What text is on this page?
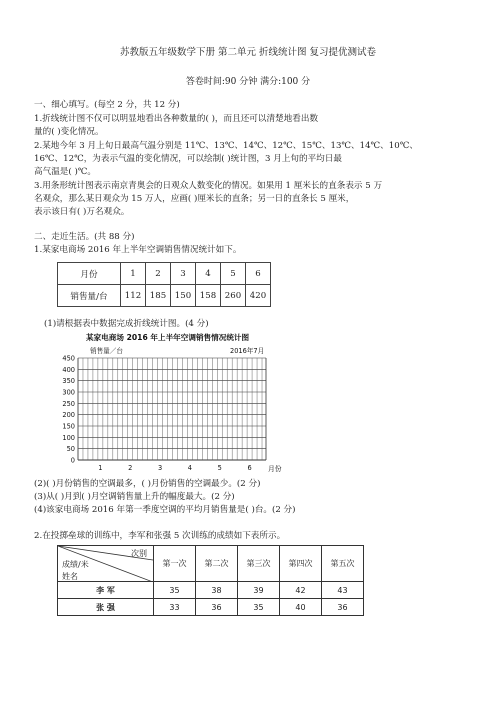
苏教版五年级数学下册 第二单元 折线统计图 复习提优测试卷
答卷时间:90 分钟 满分:100 分
一、细心填写。(每空 2 分，共 12 分)
1.折线统计图不仅可以明显地看出各种数量的( )，而且还可以清楚地看出数
量的( )变化情况。
2.某地今年 3 月上旬日最高气温分别是 11℃、13℃、14℃、12℃、15℃、13℃、14℃、10℃、
16℃、12℃，为表示气温的变化情况，可以绘制( )统计图，3 月上旬的平均日最
高气温是( )℃。
3.用条形统计图表示南京青奥会的日观众人数变化的情况。如果用 1 厘米长的直条表示 5 万
名观众，那么某日观众为 15 万人，应画( )厘米长的直条；另一日的直条长 5 厘米，
表示该日有( )万名观众。
二、走近生活。(共 88 分)
1.某家电商场 2016 年上半年空调销售情况统计如下。
月份	1	2	3	4	5	6
销售量/台	112	185	150	158	260	420
(1)请根据表中数据完成折线统计图。(4 分)
某家电商场 2016 年上半年空调销售情况统计图
销售量／台	2016年7月
450
400
350
300
250
200
150
100
50
0
1	2	3	4	5	6 月份
(2)( )月份销售的空调最多，( )月份销售的空调最少。(2 分)
(3)从( )月到( )月空调销售量上升的幅度最大。(2 分)
(4)该家电商场 2016 年第一季度空调的平均月销售量是( )台。(2 分)
2.在投掷垒球的训练中，李军和张强 5 次训练的成绩如下表所示。
次别
成绩/米
姓名	第一次	第二次	第三次	第四次	第五次
李 军	35	38	39	42	43
张 强	33	36	35	40	36
